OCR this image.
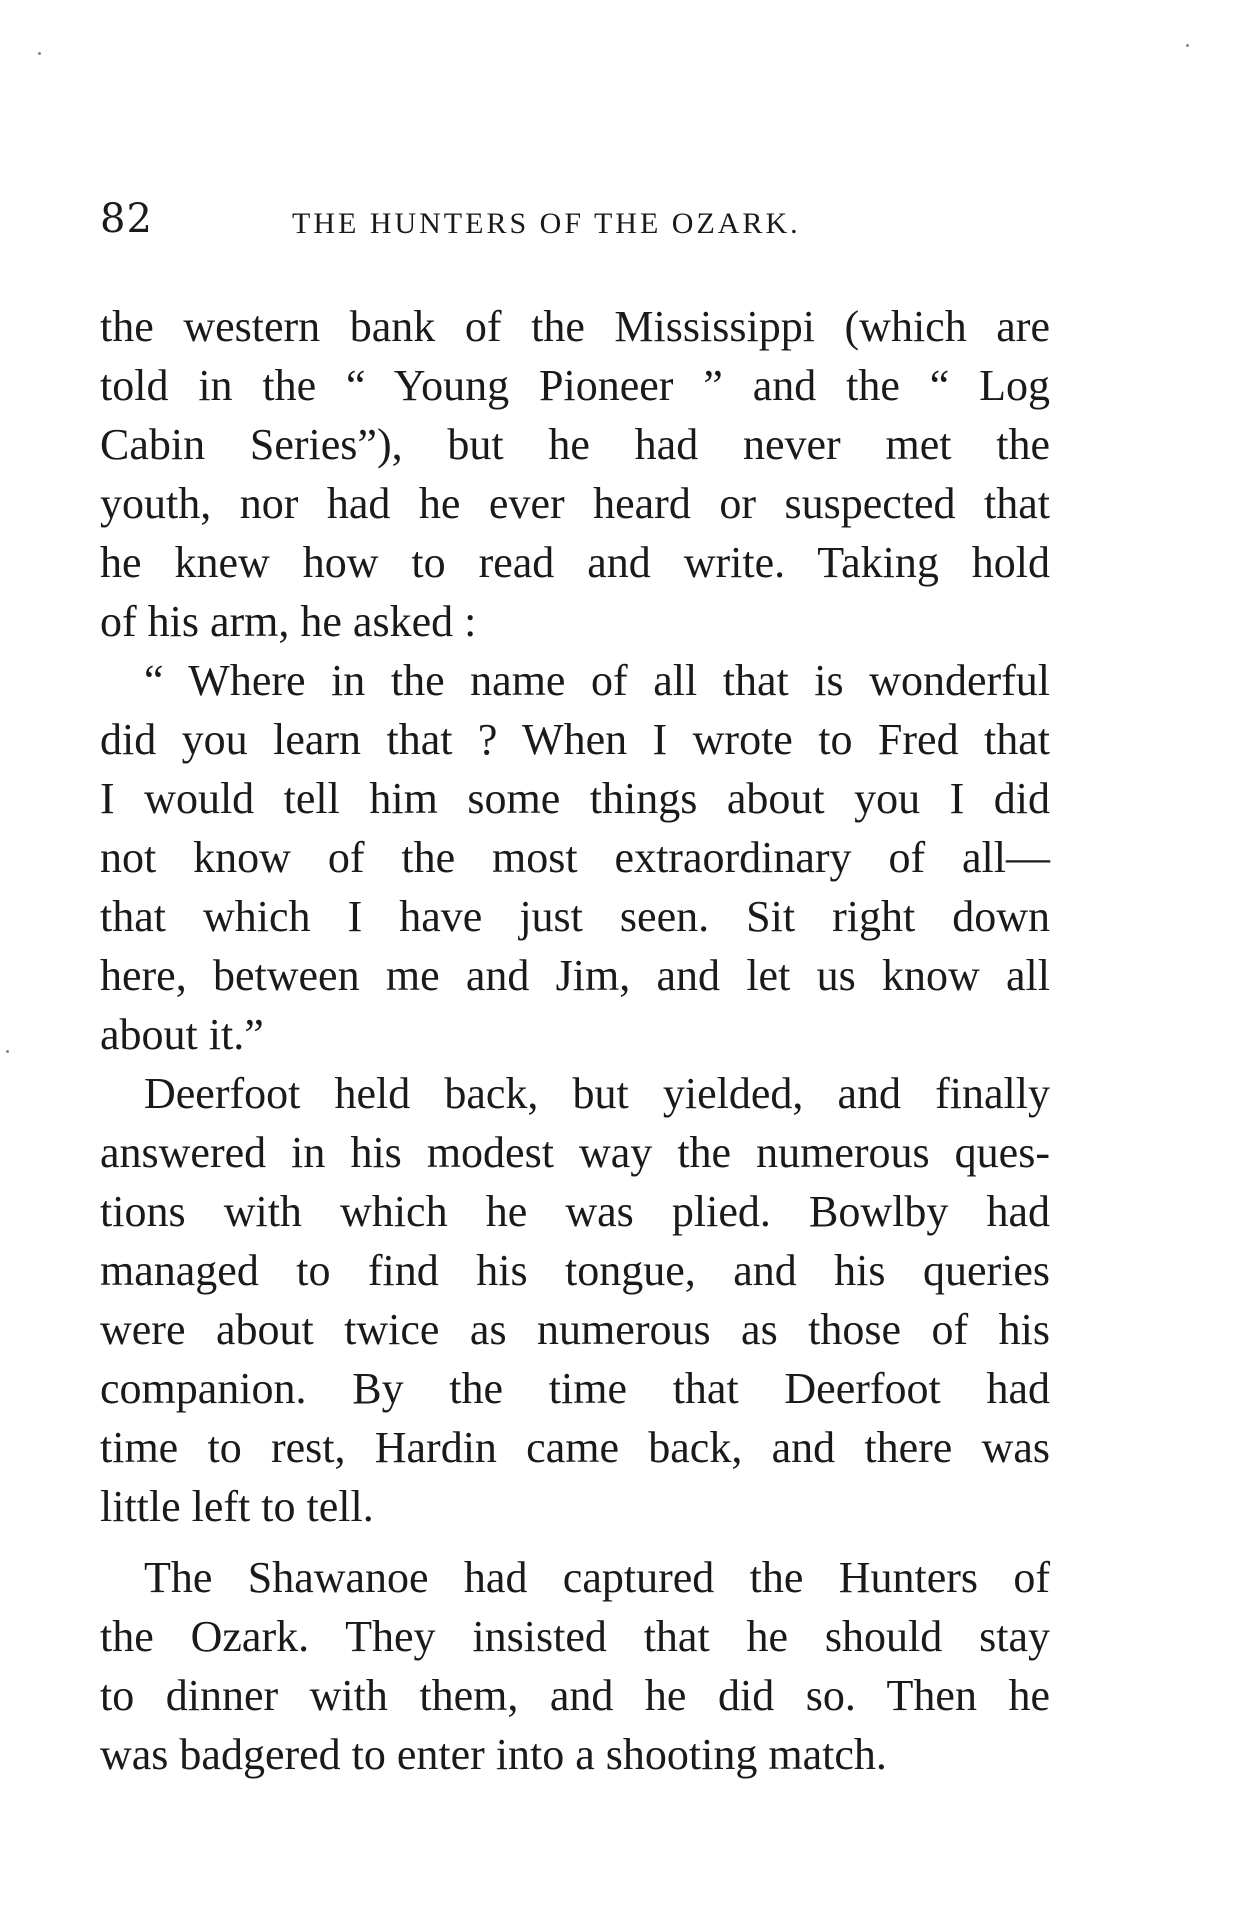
82	THE HUNTERS OF THE OZARK.
the western bank of the Mississippi (which are
told in the “ Young Pioneer ” and the “ Log
Cabin Series”), but he had never met the
youth, nor had he ever heard or suspected that
he knew how to read and write. Taking hold
of his arm, he asked :
“ Where in the name of all that is wonderful
did you learn that ? When I wrote to Fred that
I would tell him some things about you I did
not know of the most extraordinary of all—
that which I have just seen. Sit right down
here, between me and Jim, and let us know all
about it.”
Deerfoot held back, but yielded, and finally
answered in his modest way the numerous ques-
tions with which he was plied. Bowlby had
managed to find his tongue, and his queries
were about twice as numerous as those of his
companion. By the time that Deerfoot had
time to rest, Hardin came back, and there was
little left to tell.
The Shawanoe had captured the Hunters of
the Ozark. They insisted that he should stay
to dinner with them, and he did so. Then he
was badgered to enter into a shooting match.
